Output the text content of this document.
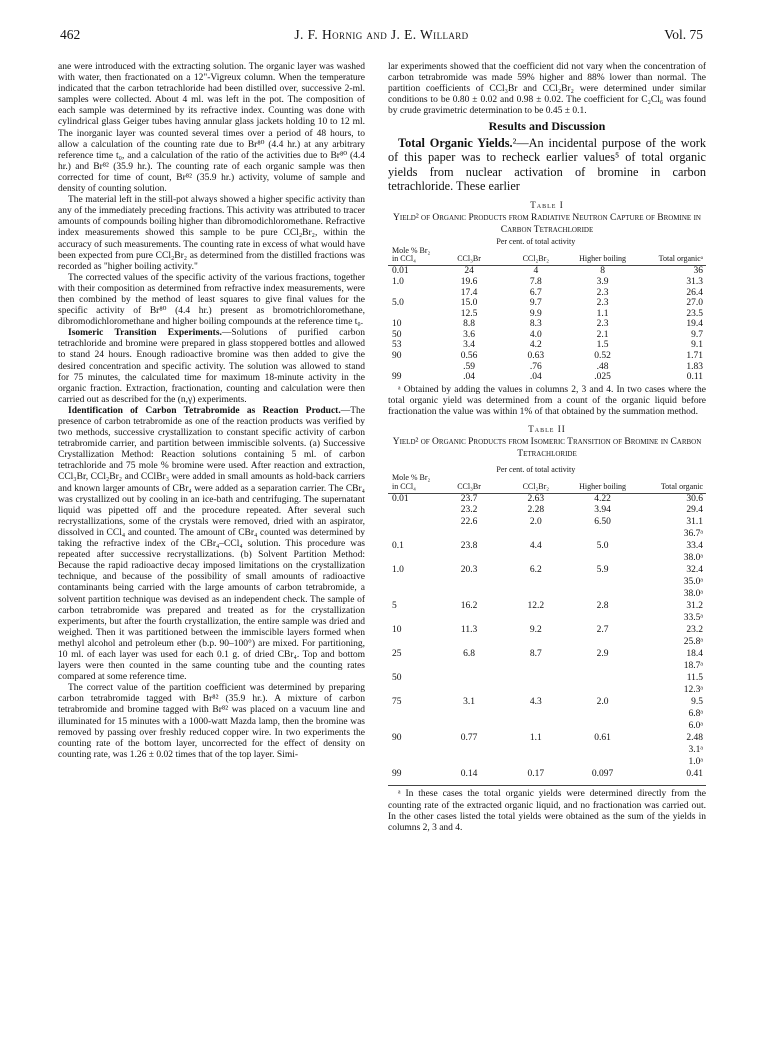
462	J. F. Hornig and J. E. Willard	Vol. 75

ane were introduced with the extracting solution. The organic layer was washed with water, then fractionated on a 12"-Vigreux column. When the temperature indicated that the carbon tetrachloride had been distilled over, successive 2-ml. samples were collected. About 4 ml. was left in the pot. The composition of each sample was determined by its refractive index. Counting was done with cylindrical glass Geiger tubes having annular glass jackets holding 10 to 12 ml. The inorganic layer was counted several times over a period of 48 hours, to allow a calculation of the counting rate due to Br⁸⁰ (4.4 hr.) at any arbitrary reference time t₀, and a calculation of the ratio of the activities due to Br⁸⁰ (4.4 hr.) and Br⁸² (35.9 hr.). The counting rate of each organic sample was then corrected for time of count, Br⁸² (35.9 hr.) activity, volume of sample and density of counting solution.

The material left in the still-pot always showed a higher specific activity than any of the immediately preceding fractions. This activity was attributed to tracer amounts of compounds boiling higher than dibromodichloromethane. Refractive index measurements showed this sample to be pure CCl₂Br₂, within the accuracy of such measurements. The counting rate in excess of what would have been expected from pure CCl₂Br₂ as determined from the distilled fractions was recorded as "higher boiling activity."

The corrected values of the specific activity of the various fractions, together with their composition as determined from refractive index measurements, were then combined by the method of least squares to give final values for the specific activity of Br⁸⁰ (4.4 hr.) present as bromotrichloromethane, dibromodichloromethane and higher boiling compounds at the reference time t₀.

Isomeric Transition Experiments.—Solutions of purified carbon tetrachloride and bromine were prepared in glass stoppered bottles and allowed to stand 24 hours. Enough radioactive bromine was then added to give the desired concentration and specific activity. The solution was allowed to stand for 75 minutes, the calculated time for maximum 18-minute activity in the organic fraction. Extraction, fractionation, counting and calculation were then carried out as described for the (n,γ) experiments.

Identification of Carbon Tetrabromide as Reaction Product.—The presence of carbon tetrabromide as one of the reaction products was verified by two methods, successive crystallization to constant specific activity of carbon tetrabromide carrier, and partition between immiscible solvents. (a) Successive Crystallization Method: Reaction solutions containing 5 ml. of carbon tetrachloride and 75 mole % bromine were used. After reaction and extraction, CCl₃Br, CCl₂Br₂ and CClBr₃ were added in small amounts as hold-back carriers and known larger amounts of CBr₄ were added as a separation carrier. The CBr₄ was crystallized out by cooling in an ice-bath and centrifuging. The supernatant liquid was pipetted off and the procedure repeated. After several such recrystallizations, some of the crystals were removed, dried with an aspirator, dissolved in CCl₄ and counted. The amount of CBr₄ counted was determined by taking the refractive index of the CBr₄–CCl₄ solution. This procedure was repeated after successive recrystallizations. (b) Solvent Partition Method: Because the rapid radioactive decay imposed limitations on the crystallization technique, and because of the possibility of small amounts of radioactive contaminants being carried with the large amounts of carbon tetrabromide, a solvent partition technique was devised as an independent check. The sample of carbon tetrabromide was prepared and treated as for the crystallization experiments, but after the fourth crystallization, the entire sample was dried and weighed. Then it was partitioned between the immiscible layers formed when methyl alcohol and petroleum ether (b.p. 90–100°) are mixed. For partitioning, 10 ml. of each layer was used for each 0.1 g. of dried CBr₄. Top and bottom layers were then counted in the same counting tube and the counting rates compared at some reference time.

The correct value of the partition coefficient was determined by preparing carbon tetrabromide tagged with Br⁸² (35.9 hr.). A mixture of carbon tetrabromide and bromine tagged with Br⁸² was placed on a vacuum line and illuminated for 15 minutes with a 1000-watt Mazda lamp, then the bromine was removed by passing over freshly reduced copper wire. In two experiments the counting rate of the bottom layer, uncorrected for the effect of density on counting rate, was 1.26 ± 0.02 times that of the top layer. Simi-

lar experiments showed that the coefficient did not vary when the concentration of carbon tetrabromide was made 59% higher and 88% lower than normal. The partition coefficients of CCl₃Br and CCl₂Br₂ were determined under similar conditions to be 0.80 ± 0.02 and 0.98 ± 0.02. The coefficient for C₂Cl₆ was found by crude gravimetric determination to be 0.45 ± 0.1.

Results and Discussion

Total Organic Yields.²—An incidental purpose of the work of this paper was to recheck earlier values⁵ of total organic yields from nuclear activation of bromine in carbon tetrachloride. These earlier

Table I
Yield² of Organic Products from Radiative Neutron Capture of Bromine in Carbon Tetrachloride
	Per cent. of total activity			
Mole % Br₂ in CCl₄	CCl₃Br	CCl₂Br₂	Higher boiling	Total organicᵃ

0.01	24	4	8	36
1.0	19.6	7.8	3.9	31.3
	17.4	6.7	2.3	26.4
5.0	15.0	9.7	2.3	27.0
	12.5	9.9	1.1	23.5
10	8.8	8.3	2.3	19.4
50	3.6	4.0	2.1	9.7
53	3.4	4.2	1.5	9.1
90	0.56	0.63	0.52	1.71
	.59	.76	.48	1.83
99	.04	.04	.025	0.11
ᵃ Obtained by adding the values in columns 2, 3 and 4. In two cases where the total organic yield was determined from a count of the organic liquid before fractionation the value was within 1% of that obtained by the summation method.
Table II
Yield² of Organic Products from Isomeric Transition of Bromine in Carbon Tetrachloride
	Per cent. of total activity			
Mole % Br₂ in CCl₄	CCl₃Br	CCl₂Br₂	Higher boiling	Total organic

0.01	23.7	2.63	4.22	30.6
	23.2	2.28	3.94	29.4
	22.6	2.0	6.50	31.1
				36.7ᵃ
0.1	23.8	4.4	5.0	33.4
				38.0ᵃ
1.0	20.3	6.2	5.9	32.4
				35.0ᵃ
				38.0ᵃ
5	16.2	12.2	2.8	31.2
				33.5ᵃ
10	11.3	9.2	2.7	23.2
				25.8ᵃ
25	6.8	8.7	2.9	18.4
				18.7ᵃ
50				11.5
				12.3ᵃ
75	3.1	4.3	2.0	9.5
				6.8ᵃ
				6.0ᵃ
90	0.77	1.1	0.61	2.48
				3.1ᵃ
				1.0ᵃ
99	0.14	0.17	0.097	0.41
ᵃ In these cases the total organic yields were determined directly from the counting rate of the extracted organic liquid, and no fractionation was carried out. In the other cases listed the total yields were obtained as the sum of the yields in columns 2, 3 and 4.
